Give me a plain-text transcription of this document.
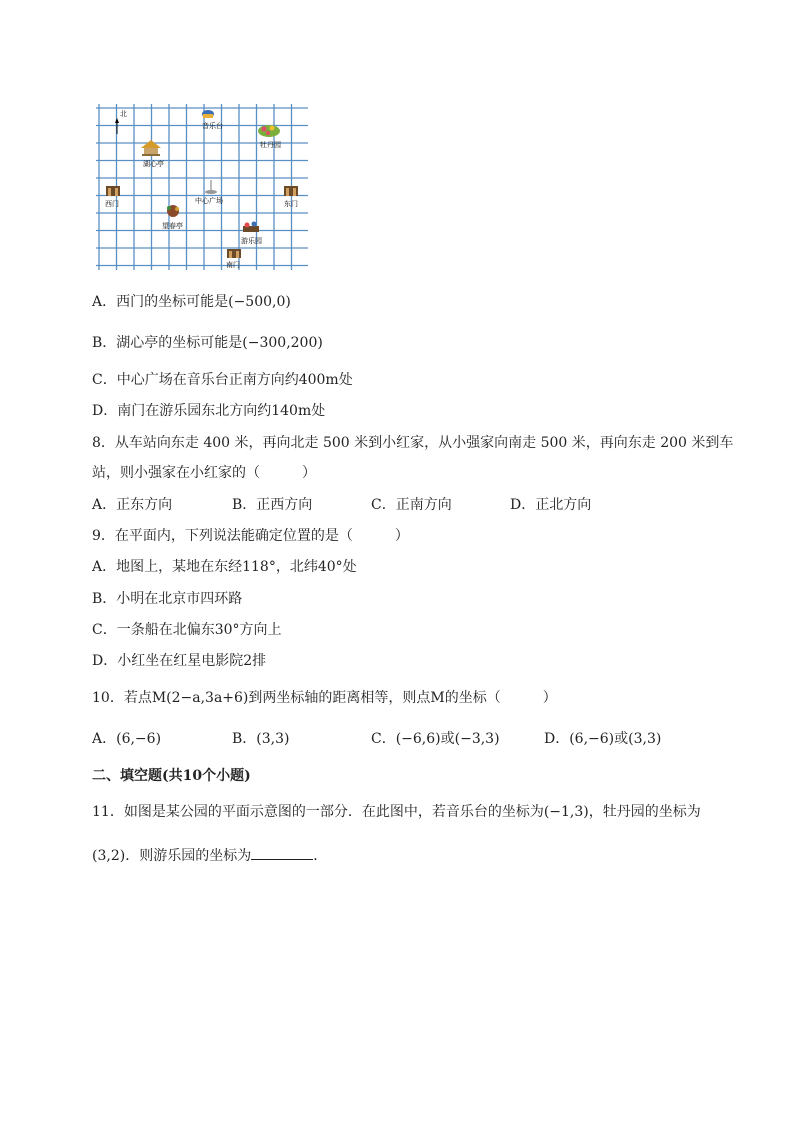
北
音乐台
牡丹园
湖心亭
西门	中心广场	东门
望春亭
游乐园
南门
A．西门的坐标可能是(−500,0)
B．湖心亭的坐标可能是(−300,200)
C．中心广场在音乐台正南方向约400m处
D．南门在游乐园东北方向约140m处
8．从车站向东走 400 米，再向北走 500 米到小红家，从小强家向南走 500 米，再向东走 200 米到车
站，则小强家在小红家的（　　　）
A．正东方向	B．正西方向	C．正南方向	D．正北方向
9．在平面内，下列说法能确定位置的是（　　　）
A．地图上，某地在东经118°，北纬40°处
B．小明在北京市四环路
C．一条船在北偏东30°方向上
D．小红坐在红星电影院2排
10．若点M(2−a,3a+6)到两坐标轴的距离相等，则点M的坐标（　　　）
A．(6,−6)	B．(3,3)	C．(−6,6)或(−3,3)	D．(6,−6)或(3,3)
二、填空题(共10个小题)
11．如图是某公园的平面示意图的一部分．在此图中，若音乐台的坐标为(−1,3)，牡丹园的坐标为
(3,2)．则游乐园的坐标为	．
